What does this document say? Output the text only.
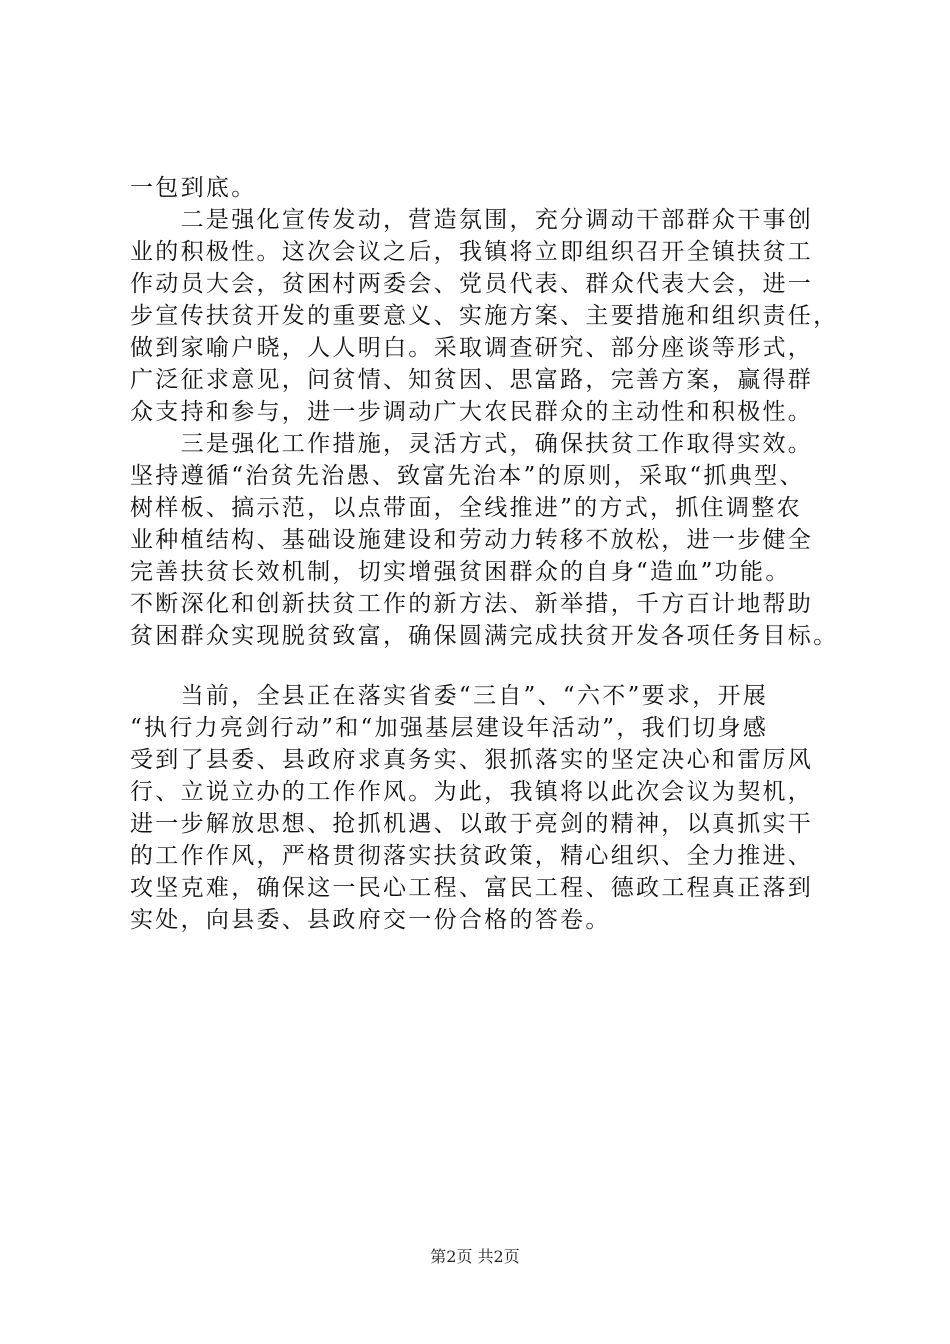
一包到底。
　　二是强化宣传发动，营造氛围，充分调动干部群众干事创
业的积极性。这次会议之后，我镇将立即组织召开全镇扶贫工
作动员大会，贫困村两委会、党员代表、群众代表大会，进一
步宣传扶贫开发的重要意义、实施方案、主要措施和组织责任，
做到家喻户晓，人人明白。采取调查研究、部分座谈等形式，
广泛征求意见，问贫情、知贫因、思富路，完善方案，赢得群
众支持和参与，进一步调动广大农民群众的主动性和积极性。
　　三是强化工作措施，灵活方式，确保扶贫工作取得实效。
坚持遵循“治贫先治愚、致富先治本”的原则，采取“抓典型、
树样板、搞示范，以点带面，全线推进”的方式，抓住调整农
业种植结构、基础设施建设和劳动力转移不放松，进一步健全
完善扶贫长效机制，切实增强贫困群众的自身“造血”功能。
不断深化和创新扶贫工作的新方法、新举措，千方百计地帮助
贫困群众实现脱贫致富，确保圆满完成扶贫开发各项任务目标。
　　当前，全县正在落实省委“三自”、“六不”要求，开展
“执行力亮剑行动”和“加强基层建设年活动”，我们切身感
受到了县委、县政府求真务实、狠抓落实的坚定决心和雷厉风
行、立说立办的工作作风。为此，我镇将以此次会议为契机，
进一步解放思想、抢抓机遇、以敢于亮剑的精神，以真抓实干
的工作作风，严格贯彻落实扶贫政策，精心组织、全力推进、
攻坚克难，确保这一民心工程、富民工程、德政工程真正落到
实处，向县委、县政府交一份合格的答卷。
第2页 共2页
